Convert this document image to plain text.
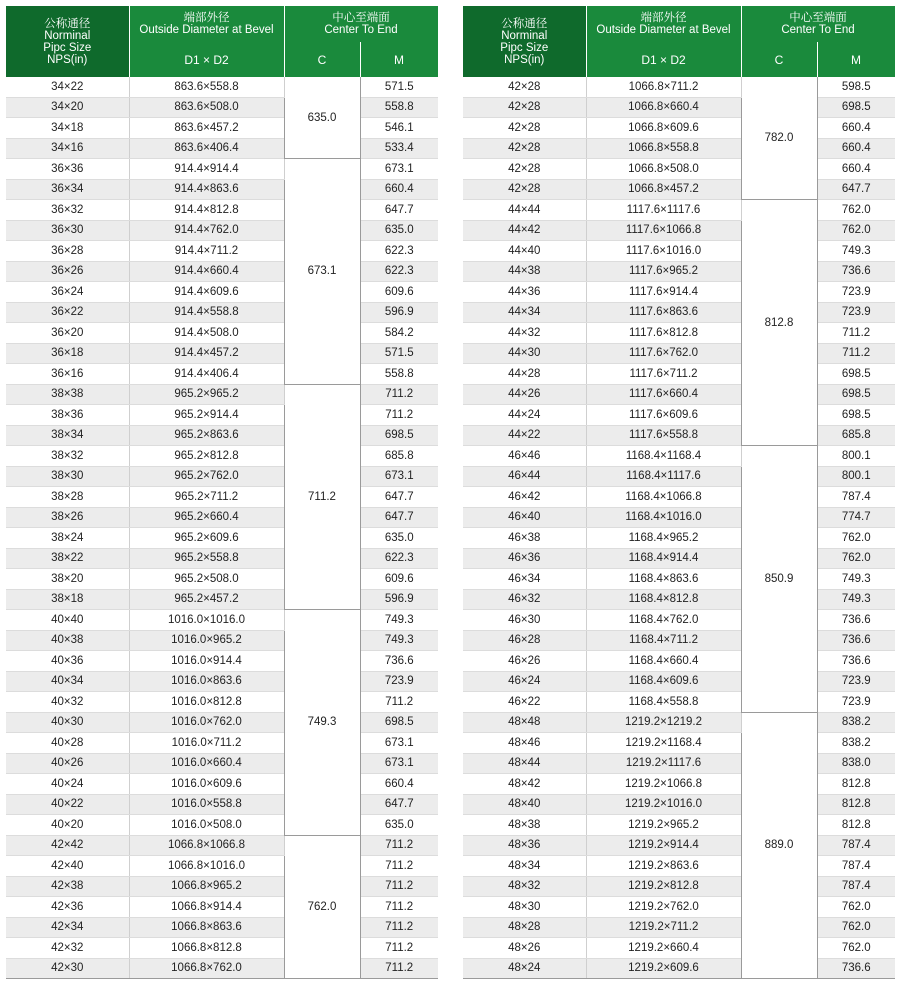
公称通径
Norminal
Pipc Size
NPS(in)	端部外径
Outside Diameter at Bevel	中心至端面
Center To End	

	D1 × D2	C	M
34×22	863.6×558.8	635.0	571.5
34×20	863.6×508.0		558.8
34×18	863.6×457.2		546.1
34×16	863.6×406.4		533.4
36×36	914.4×914.4	673.1	673.1
36×34	914.4×863.6		660.4
36×32	914.4×812.8		647.7
36×30	914.4×762.0		635.0
36×28	914.4×711.2		622.3
36×26	914.4×660.4		622.3
36×24	914.4×609.6		609.6
36×22	914.4×558.8		596.9
36×20	914.4×508.0		584.2
36×18	914.4×457.2		571.5
36×16	914.4×406.4		558.8
38×38	965.2×965.2	711.2	711.2
38×36	965.2×914.4		711.2
38×34	965.2×863.6		698.5
38×32	965.2×812.8		685.8
38×30	965.2×762.0		673.1
38×28	965.2×711.2		647.7
38×26	965.2×660.4		647.7
38×24	965.2×609.6		635.0
38×22	965.2×558.8		622.3
38×20	965.2×508.0		609.6
38×18	965.2×457.2		596.9
40×40	1016.0×1016.0	749.3	749.3
40×38	1016.0×965.2		749.3
40×36	1016.0×914.4		736.6
40×34	1016.0×863.6		723.9
40×32	1016.0×812.8		711.2
40×30	1016.0×762.0		698.5
40×28	1016.0×711.2		673.1
40×26	1016.0×660.4		673.1
40×24	1016.0×609.6		660.4
40×22	1016.0×558.8		647.7
40×20	1016.0×508.0		635.0
42×42	1066.8×1066.8	762.0	711.2
42×40	1066.8×1016.0		711.2
42×38	1066.8×965.2		711.2
42×36	1066.8×914.4		711.2
42×34	1066.8×863.6		711.2
42×32	1066.8×812.8		711.2
42×30	1066.8×762.0		711.2
公称通径
Norminal
Pipc Size
NPS(in)	端部外径
Outside Diameter at Bevel	中心至端面
Center To End	

	D1 × D2	C	M
42×28	1066.8×711.2	782.0	598.5
42×28	1066.8×660.4		698.5
42×28	1066.8×609.6		660.4
42×28	1066.8×558.8		660.4
42×28	1066.8×508.0		660.4
42×28	1066.8×457.2		647.7
44×44	1117.6×1117.6	812.8	762.0
44×42	1117.6×1066.8		762.0
44×40	1117.6×1016.0		749.3
44×38	1117.6×965.2		736.6
44×36	1117.6×914.4		723.9
44×34	1117.6×863.6		723.9
44×32	1117.6×812.8		711.2
44×30	1117.6×762.0		711.2
44×28	1117.6×711.2		698.5
44×26	1117.6×660.4		698.5
44×24	1117.6×609.6		698.5
44×22	1117.6×558.8		685.8
46×46	1168.4×1168.4	850.9	800.1
46×44	1168.4×1117.6		800.1
46×42	1168.4×1066.8		787.4
46×40	1168.4×1016.0		774.7
46×38	1168.4×965.2		762.0
46×36	1168.4×914.4		762.0
46×34	1168.4×863.6		749.3
46×32	1168.4×812.8		749.3
46×30	1168.4×762.0		736.6
46×28	1168.4×711.2		736.6
46×26	1168.4×660.4		736.6
46×24	1168.4×609.6		723.9
46×22	1168.4×558.8		723.9
48×48	1219.2×1219.2	889.0	838.2
48×46	1219.2×1168.4		838.2
48×44	1219.2×1117.6		838.0
48×42	1219.2×1066.8		812.8
48×40	1219.2×1016.0		812.8
48×38	1219.2×965.2		812.8
48×36	1219.2×914.4		787.4
48×34	1219.2×863.6		787.4
48×32	1219.2×812.8		787.4
48×30	1219.2×762.0		762.0
48×28	1219.2×711.2		762.0
48×26	1219.2×660.4		762.0
48×24	1219.2×609.6		736.6
